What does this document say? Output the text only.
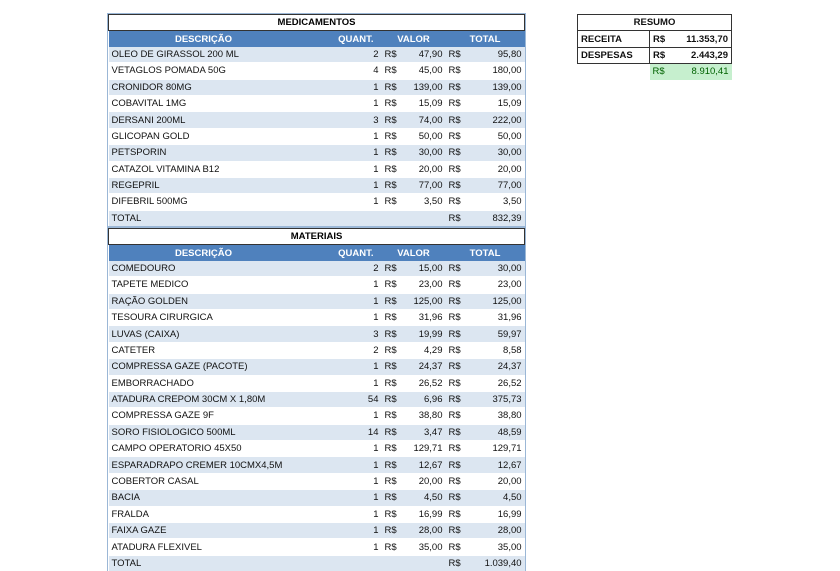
MEDICAMENTOS					
DESCRIÇÃO	QUANT.	VALOR		TOTAL	
OLEO DE GIRASSOL 200 ML	2	R$	47,90	R$	95,80
VETAGLOS POMADA 50G	4	R$	45,00	R$	180,00
CRONIDOR 80MG	1	R$	139,00	R$	139,00
COBAVITAL 1MG	1	R$	15,09	R$	15,09
DERSANI 200ML	3	R$	74,00	R$	222,00
GLICOPAN GOLD	1	R$	50,00	R$	50,00
PETSPORIN	1	R$	30,00	R$	30,00
CATAZOL VITAMINA B12	1	R$	20,00	R$	20,00
REGEPRIL	1	R$	77,00	R$	77,00
DIFEBRIL 500MG	1	R$	3,50	R$	3,50
TOTAL				R$	832,39
MATERIAIS					
DESCRIÇÃO	QUANT.	VALOR		TOTAL	
COMEDOURO	2	R$	15,00	R$	30,00
TAPETE MEDICO	1	R$	23,00	R$	23,00
RAÇÃO GOLDEN	1	R$	125,00	R$	125,00
TESOURA CIRURGICA	1	R$	31,96	R$	31,96
LUVAS (CAIXA)	3	R$	19,99	R$	59,97
CATETER	2	R$	4,29	R$	8,58
COMPRESSA GAZE (PACOTE)	1	R$	24,37	R$	24,37
EMBORRACHADO	1	R$	26,52	R$	26,52
ATADURA CREPOM 30CM X 1,80M	54	R$	6,96	R$	375,73
COMPRESSA GAZE 9F	1	R$	38,80	R$	38,80
SORO FISIOLOGICO 500ML	14	R$	3,47	R$	48,59
CAMPO OPERATORIO 45X50	1	R$	129,71	R$	129,71
ESPARADRAPO CREMER 10CMX4,5M	1	R$	12,67	R$	12,67
COBERTOR CASAL	1	R$	20,00	R$	20,00
BACIA	1	R$	4,50	R$	4,50
FRALDA	1	R$	16,99	R$	16,99
FAIXA GAZE	1	R$	28,00	R$	28,00
ATADURA FLEXIVEL	1	R$	35,00	R$	35,00
TOTAL				R$	1.039,40
RESUMO		
RECEITA	R$	11.353,70
DESPESAS	R$	2.443,29
	R$	8.910,41
